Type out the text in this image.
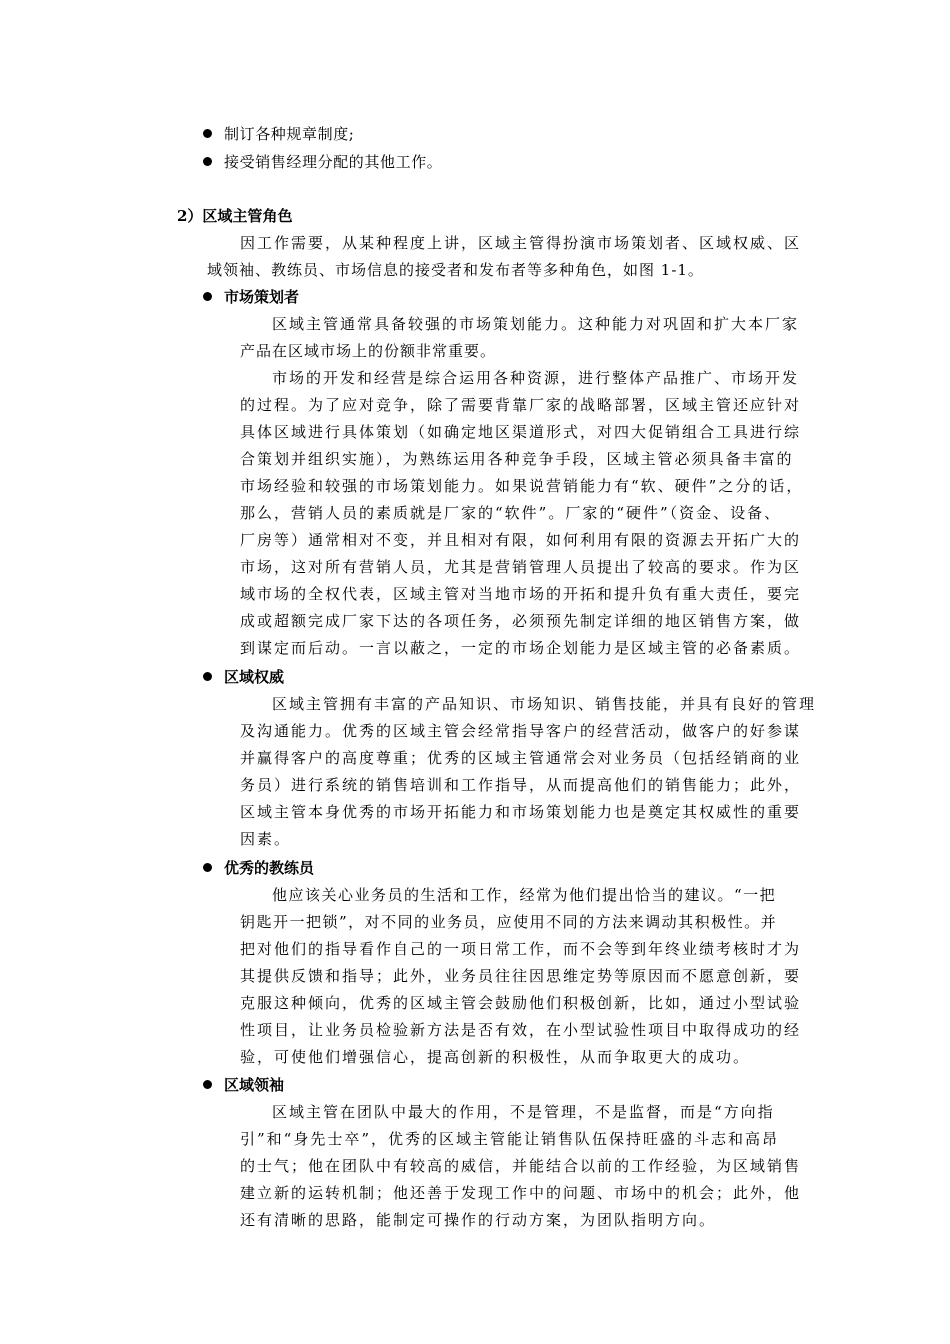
制订各种规章制度;
接受销售经理分配的其他工作。
2）区域主管角色
因工作需要，从某种程度上讲，区域主管得扮演市场策划者、区域权威、区
域领袖、教练员、市场信息的接受者和发布者等多种角色，如图 1-1。
市场策划者
区域主管通常具备较强的市场策划能力。这种能力对巩固和扩大本厂家
产品在区域市场上的份额非常重要。
市场的开发和经营是综合运用各种资源，进行整体产品推广、市场开发
的过程。为了应对竞争，除了需要背靠厂家的战略部署，区域主管还应针对
具体区域进行具体策划（如确定地区渠道形式，对四大促销组合工具进行综
合策划并组织实施），为熟练运用各种竞争手段，区域主管必须具备丰富的
市场经验和较强的市场策划能力。如果说营销能力有“软、硬件”之分的话，
那么，营销人员的素质就是厂家的“软件”。厂家的“硬件”（资金、设备、
厂房等）通常相对不变，并且相对有限，如何利用有限的资源去开拓广大的
市场，这对所有营销人员，尤其是营销管理人员提出了较高的要求。作为区
域市场的全权代表，区域主管对当地市场的开拓和提升负有重大责任，要完
成或超额完成厂家下达的各项任务，必须预先制定详细的地区销售方案，做
到谋定而后动。一言以蔽之，一定的市场企划能力是区域主管的必备素质。
区域权威
区域主管拥有丰富的产品知识、市场知识、销售技能，并具有良好的管理
及沟通能力。优秀的区域主管会经常指导客户的经营活动，做客户的好参谋
并赢得客户的高度尊重；优秀的区域主管通常会对业务员（包括经销商的业
务员）进行系统的销售培训和工作指导，从而提高他们的销售能力；此外，
区域主管本身优秀的市场开拓能力和市场策划能力也是奠定其权威性的重要
因素。
优秀的教练员
他应该关心业务员的生活和工作，经常为他们提出恰当的建议。“一把
钥匙开一把锁”，对不同的业务员，应使用不同的方法来调动其积极性。并
把对他们的指导看作自己的一项日常工作，而不会等到年终业绩考核时才为
其提供反馈和指导；此外，业务员往往因思维定势等原因而不愿意创新，要
克服这种倾向，优秀的区域主管会鼓励他们积极创新，比如，通过小型试验
性项目，让业务员检验新方法是否有效，在小型试验性项目中取得成功的经
验，可使他们增强信心，提高创新的积极性，从而争取更大的成功。
区域领袖
区域主管在团队中最大的作用，不是管理，不是监督，而是“方向指
引”和“身先士卒”，优秀的区域主管能让销售队伍保持旺盛的斗志和高昂
的士气；他在团队中有较高的威信，并能结合以前的工作经验，为区域销售
建立新的运转机制；他还善于发现工作中的问题、市场中的机会；此外，他
还有清晰的思路，能制定可操作的行动方案，为团队指明方向。
